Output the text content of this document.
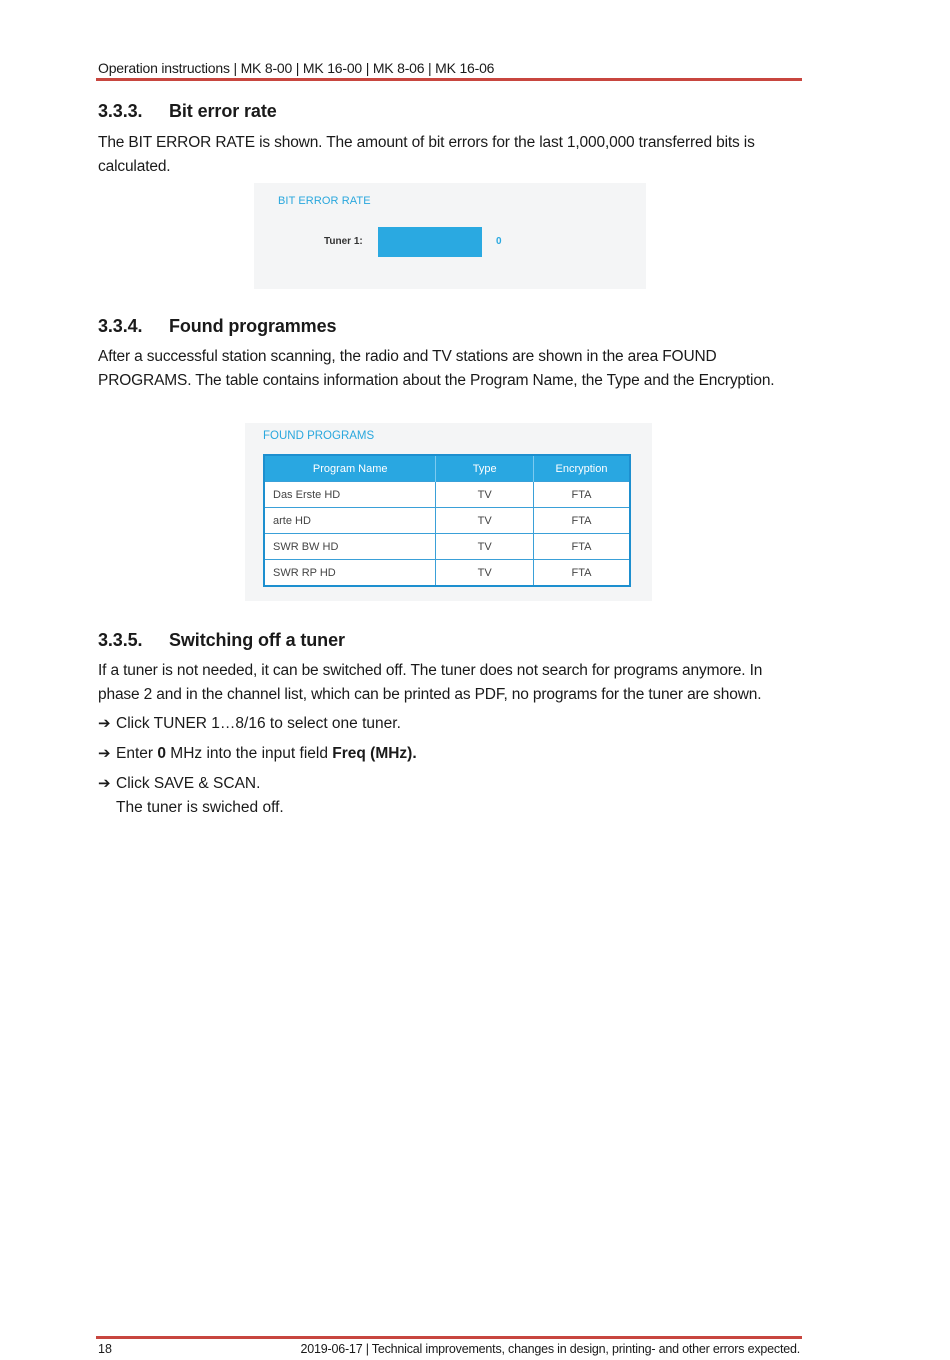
Operation instructions | MK 8-00 | MK 16-00 | MK 8-06 | MK 16-06
3.3.3. Bit error rate
The BIT ERROR RATE is shown. The amount of bit errors for the last 1,000,000 transferred bits is calculated.
BIT ERROR RATE
Tuner 1:	0
3.3.4. Found programmes
After a successful station scanning, the radio and TV stations are shown in the area FOUND PROGRAMS. The table contains information about the Program Name, the Type and the Encryption.
FOUND PROGRAMS
Program Name	Type	Encryption
Das Erste HD	TV	FTA
arte HD	TV	FTA
SWR BW HD	TV	FTA
SWR RP HD	TV	FTA
3.3.5. Switching off a tuner
If a tuner is not needed, it can be switched off. The tuner does not search for programs anymore. In phase 2 and in the channel list, which can be printed as PDF, no programs for the tuner are shown.
➔ Click TUNER 1…8/16 to select one tuner.
➔ Enter 0 MHz into the input field Freq (MHz).
➔ Click SAVE & SCAN.
The tuner is swiched off.
18	2019-06-17 | Technical improvements, changes in design, printing- and other errors expected.
